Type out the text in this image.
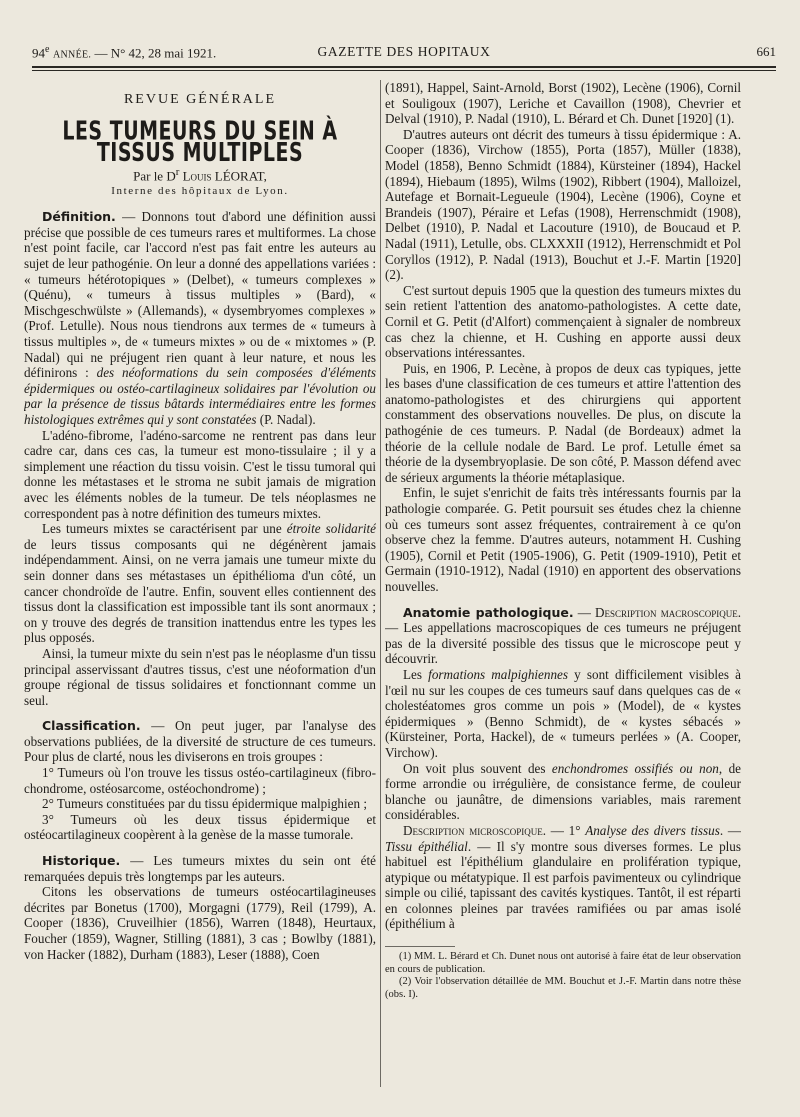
94e ANNÉE. — N° 42, 28 mai 1921.	GAZETTE DES HOPITAUX	661

REVUE GÉNÉRALE

LES TUMEURS DU SEIN À TISSUS MULTIPLES

Par le $D^r$ Louis LÉORAT,

Interne des hôpitaux de Lyon.

Définition. — Donnons tout d'abord une définition aussi précise que possible de ces tumeurs rares et multiformes. La chose n'est point facile, car l'accord n'est pas fait entre les auteurs au sujet de leur pathogénie. On leur a donné des appellations variées : « tumeurs hétérotopiques » (Delbet), « tumeurs complexes » (Quénu), « tumeurs à tissus multiples » (Bard), « Mischgeschwülste » (Allemands), « dysembryomes complexes » (Prof. Letulle). Nous nous tiendrons aux termes de « tumeurs à tissus multiples », de « tumeurs mixtes » ou de « mixtomes » (P. Nadal) qui ne préjugent rien quant à leur nature, et nous les définirons : des néoformations du sein composées d'éléments épidermiques ou ostéo-cartilagineux solidaires par l'évolution ou par la présence de tissus bâtards intermédiaires entre les formes histologiques extrêmes qui y sont constatées (P. Nadal).

L'adéno-fibrome, l'adéno-sarcome ne rentrent pas dans leur cadre car, dans ces cas, la tumeur est mono-tissulaire ; il y a simplement une réaction du tissu voisin. C'est le tissu tumoral qui donne les métastases et le stroma ne subit jamais de migration avec les éléments nobles de la tumeur. De tels néoplasmes ne correspondent pas à notre définition des tumeurs mixtes.

Les tumeurs mixtes se caractérisent par une étroite solidarité de leurs tissus composants qui ne dégénèrent jamais indépendamment. Ainsi, on ne verra jamais une tumeur mixte du sein donner dans ses métastases un épithélioma d'un côté, un cancer chondroïde de l'autre. Enfin, souvent elles contiennent des tissus dont la classification est impossible tant ils sont anormaux ; on y trouve des degrés de transition inattendus entre les types les plus opposés.

Ainsi, la tumeur mixte du sein n'est pas le néoplasme d'un tissu principal asservissant d'autres tissus, c'est une néoformation d'un groupe régional de tissus solidaires et fonctionnant comme un seul.

Classification. — On peut juger, par l'analyse des observations publiées, de la diversité de structure de ces tumeurs. Pour plus de clarté, nous les diviserons en trois groupes :

1° Tumeurs où l'on trouve les tissus ostéo-cartilagineux (fibro-chondrome, ostéosarcome, ostéochondrome) ;

2° Tumeurs constituées par du tissu épidermique malpighien ;

3° Tumeurs où les deux tissus épidermique et ostéocartilagineux coopèrent à la genèse de la masse tumorale.

Historique. — Les tumeurs mixtes du sein ont été remarquées depuis très longtemps par les auteurs.

Citons les observations de tumeurs ostéocartilagineuses décrites par Bonetus (1700), Morgagni (1779), Reil (1799), A. Cooper (1836), Cruveilhier (1856), Warren (1848), Heurtaux, Foucher (1859), Wagner, Stilling (1881), 3 cas ; Bowlby (1881), von Hacker (1882), Durham (1883), Leser (1888), Coen

(1891), Happel, Saint-Arnold, Borst (1902), Lecène (1906), Cornil et Souligoux (1907), Leriche et Cavaillon (1908), Chevrier et Delval (1910), P. Nadal (1910), L. Bérard et Ch. Dunet [1920] (1).

D'autres auteurs ont décrit des tumeurs à tissu épidermique : A. Cooper (1836), Virchow (1855), Porta (1857), Müller (1838), Model (1858), Benno Schmidt (1884), Kürsteiner (1894), Hackel (1894), Hiebaum (1895), Wilms (1902), Ribbert (1904), Malloizel, Autefage et Bornait-Legueule (1904), Lecène (1906), Coyne et Brandeis (1907), Péraire et Lefas (1908), Herrenschmidt (1908), Delbet (1910), P. Nadal et Lacouture (1910), de Boucaud et P. Nadal (1911), Letulle, obs. CLXXXII (1912), Herrenschmidt et Pol Coryllos (1912), P. Nadal (1913), Bouchut et J.-F. Martin [1920] (2).

C'est surtout depuis 1905 que la question des tumeurs mixtes du sein retient l'attention des anatomo-pathologistes. A cette date, Cornil et G. Petit (d'Alfort) commençaient à signaler de nombreux cas chez la chienne, et H. Cushing en apporte aussi deux observations intéressantes.

Puis, en 1906, P. Lecène, à propos de deux cas typiques, jette les bases d'une classification de ces tumeurs et attire l'attention des anatomo-pathologistes et des chirurgiens qui apportent constamment des observations nouvelles. De plus, on discute la pathogénie de ces tumeurs. P. Nadal (de Bordeaux) admet la théorie de la cellule nodale de Bard. Le prof. Letulle émet sa théorie de la dysembryoplasie. De son côté, P. Masson défend avec de sérieux arguments la théorie métaplasique.

Enfin, le sujet s'enrichit de faits très intéressants fournis par la pathologie comparée. G. Petit poursuit ses études chez la chienne où ces tumeurs sont assez fréquentes, contrairement à ce qu'on observe chez la femme. D'autres auteurs, notamment H. Cushing (1905), Cornil et Petit (1905-1906), G. Petit (1909-1910), Petit et Germain (1910-1912), Nadal (1910) en apportent des observations nouvelles.

Anatomie pathologique. — Description macroscopique. — Les appellations macroscopiques de ces tumeurs ne préjugent pas de la diversité possible des tissus que le microscope peut y découvrir.

Les formations malpighiennes y sont difficilement visibles à l'œil nu sur les coupes de ces tumeurs sauf dans quelques cas de « cholestéatomes gros comme un pois » (Model), de « kystes épidermiques » (Benno Schmidt), de « kystes sébacés » (Kürsteiner, Porta, Hackel), de « tumeurs perlées » (A. Cooper, Virchow).

On voit plus souvent des enchondromes ossifiés ou non, de forme arrondie ou irrégulière, de consistance ferme, de couleur blanche ou jaunâtre, de dimensions variables, mais rarement considérables.

Description microscopique. — 1° Analyse des divers tissus. — Tissu épithélial. — Il s'y montre sous diverses formes. Le plus habituel est l'épithélium glandulaire en prolifération typique, atypique ou métatypique. Il est parfois pavimenteux ou cylindrique simple ou cilié, tapissant des cavités kystiques. Tantôt, il est réparti en colonnes pleines par travées ramifiées ou par amas isolé (épithélium à

(1) MM. L. Bérard et Ch. Dunet nous ont autorisé à faire état de leur observation en cours de publication.

(2) Voir l'observation détaillée de MM. Bouchut et J.-F. Martin dans notre thèse (obs. I).
